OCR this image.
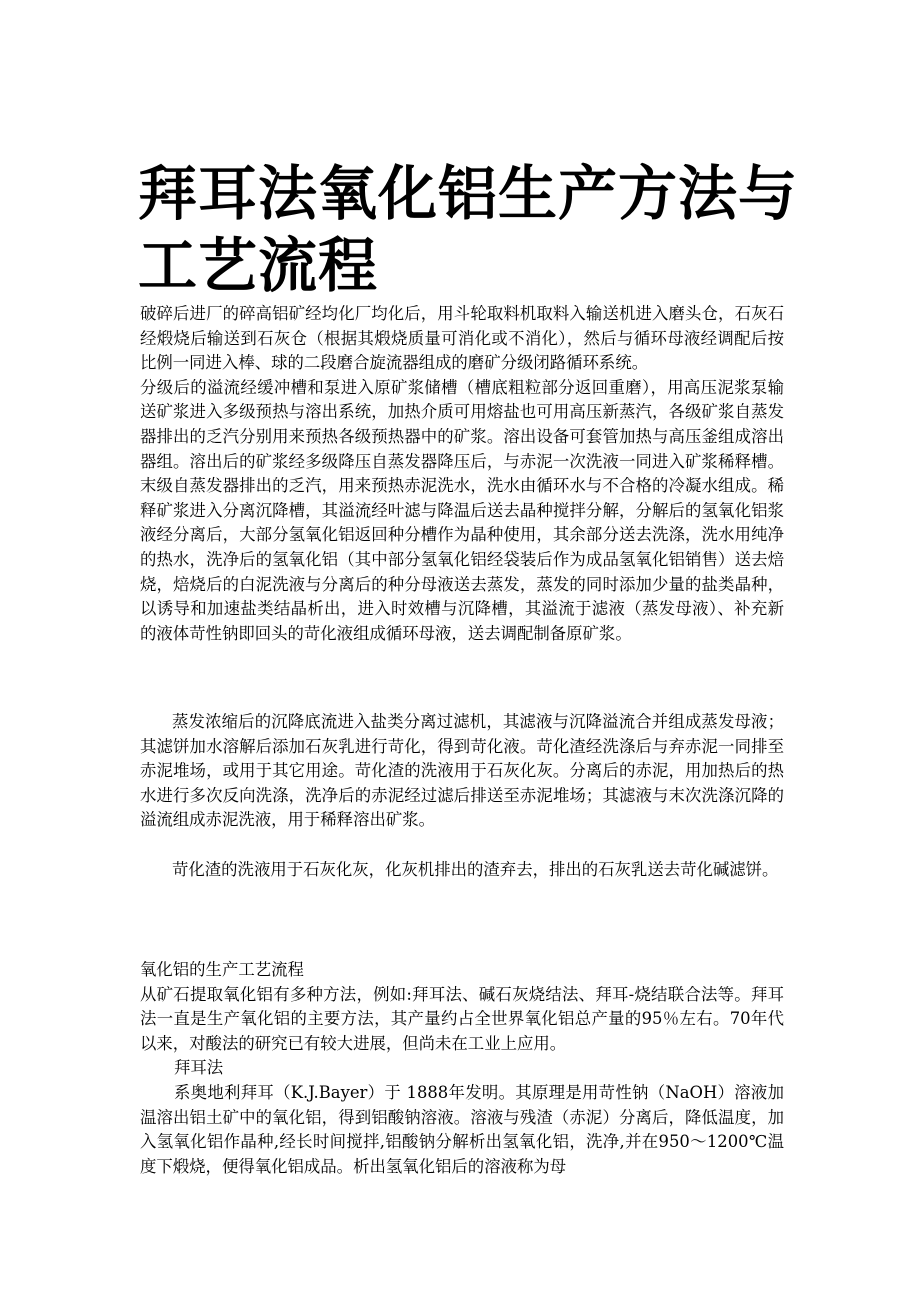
拜耳法氧化铝生产方法与工艺流程

破碎后进厂的碎高铝矿经均化厂均化后，用斗轮取料机取料入输送机进入磨头仓，石灰石经煅烧后输送到石灰仓（根据其煅烧质量可消化或不消化），然后与循环母液经调配后按比例一同进入棒、球的二段磨合旋流器组成的磨矿分级闭路循环系统。

分级后的溢流经缓冲槽和泵进入原矿浆储槽（槽底粗粒部分返回重磨），用高压泥浆泵输送矿浆进入多级预热与溶出系统，加热介质可用熔盐也可用高压新蒸汽，各级矿浆自蒸发器排出的乏汽分别用来预热各级预热器中的矿浆。溶出设备可套管加热与高压釜组成溶出器组。溶出后的矿浆经多级降压自蒸发器降压后，与赤泥一次洗液一同进入矿浆稀释槽。末级自蒸发器排出的乏汽，用来预热赤泥洗水，洗水由循环水与不合格的冷凝水组成。稀释矿浆进入分离沉降槽，其溢流经叶滤与降温后送去晶种搅拌分解，分解后的氢氧化铝浆液经分离后，大部分氢氧化铝返回种分槽作为晶种使用，其余部分送去洗涤，洗水用纯净的热水，洗净后的氢氧化铝（其中部分氢氧化铝经袋装后作为成品氢氧化铝销售）送去焙烧，焙烧后的白泥洗液与分离后的种分母液送去蒸发，蒸发的同时添加少量的盐类晶种，以诱导和加速盐类结晶析出，进入时效槽与沉降槽，其溢流于滤液（蒸发母液）、补充新的液体苛性钠即回头的苛化液组成循环母液，送去调配制备原矿浆。

蒸发浓缩后的沉降底流进入盐类分离过滤机，其滤液与沉降溢流合并组成蒸发母液；其滤饼加水溶解后添加石灰乳进行苛化，得到苛化液。苛化渣经洗涤后与弃赤泥一同排至赤泥堆场，或用于其它用途。苛化渣的洗液用于石灰化灰。分离后的赤泥，用加热后的热水进行多次反向洗涤，洗净后的赤泥经过滤后排送至赤泥堆场；其滤液与末次洗涤沉降的溢流组成赤泥洗液，用于稀释溶出矿浆。

苛化渣的洗液用于石灰化灰，化灰机排出的渣弃去，排出的石灰乳送去苛化碱滤饼。

氧化铝的生产工艺流程

从矿石提取氧化铝有多种方法，例如:拜耳法、碱石灰烧结法、拜耳-烧结联合法等。拜耳法一直是生产氧化铝的主要方法，其产量约占全世界氧化铝总产量的95％左右。70年代以来，对酸法的研究已有较大进展，但尚未在工业上应用。

拜耳法

系奥地利拜耳（K.J.Bayer）于 1888年发明。其原理是用苛性钠（NaOH）溶液加温溶出铝土矿中的氧化铝，得到铝酸钠溶液。溶液与残渣（赤泥）分离后，降低温度，加入氢氧化铝作晶种,经长时间搅拌,铝酸钠分解析出氢氧化铝，洗净,并在950～1200℃温度下煅烧，便得氧化铝成品。析出氢氧化铝后的溶液称为母
